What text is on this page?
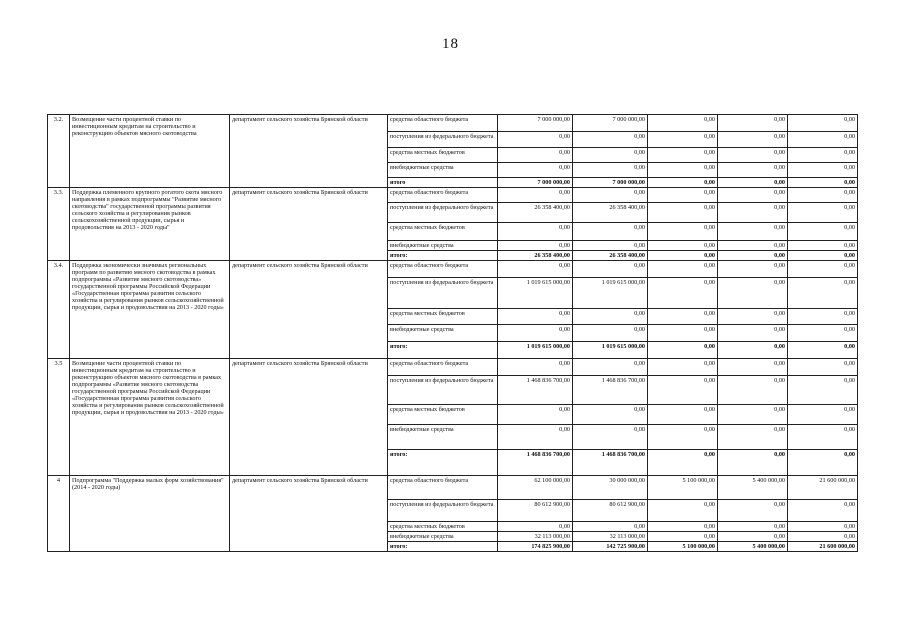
18
3.2.	Возмещение части процентной ставки по инвестиционным кредитам на строительство и реконструкцию объектов мясного скотоводства	департамент сельского хозяйства Брянской области	средства областного бюджета	7 000 000,00	7 000 000,00	0,00	0,00	0,00
			поступления из федерального бюджета	0,00	0,00	0,00	0,00	0,00
			средства местных бюджетов	0,00	0,00	0,00	0,00	0,00
			внебюджетные средства	0,00	0,00	0,00	0,00	0,00
			итого	7 000 000,00	7 000 000,00	0,00	0,00	0,00
3.3.	Поддержка племенного крупного рогатого скота мясного направления в рамках подпрограммы "Развитие мясного скотоводства" государственной программы развития сельского хозяйства и регулирования рынков сельскохозяйственной продукции, сырья и продовольствия на 2013 - 2020 годы"	департамент сельского хозяйства Брянской области	средства областного бюджета	0,00	0,00	0,00	0,00	0,00
			поступления из федерального бюджета	26 358 400,00	26 358 400,00	0,00	0,00	0,00
			средства местных бюджетов	0,00	0,00	0,00	0,00	0,00
			внебюджетные средства	0,00	0,00	0,00	0,00	0,00
			итого:	26 358 400,00	26 358 400,00	0,00	0,00	0,00
3.4.	Поддержка экономически значимых региональных программ по развитию мясного скотоводства в рамках подпрограммы «Развитие мясного скотоводства» государственной программы Российской Федерации «Государственная программа развития сельского хозяйства и регулирования рынков сельскохозяйственной продукции, сырья и продовольствия на 2013 - 2020 годы»	департамент сельского хозяйства Брянской области	средства областного бюджета	0,00	0,00	0,00	0,00	0,00
			поступления из федерального бюджета	1 019 615 000,00	1 019 615 000,00	0,00	0,00	0,00
			средства местных бюджетов	0,00	0,00	0,00	0,00	0,00
			внебюджетные средства	0,00	0,00	0,00	0,00	0,00
			итого:	1 019 615 000,00	1 019 615 000,00	0,00	0,00	0,00
3.5	Возмещение части процентной ставки по инвестиционным кредитам на строительство и реконструкцию объектов мясного скотоводства в рамках подпрограммы «Развитие мясного скотоводства государственной программы Российской Федерации «Государственная программа развития сельского хозяйства и регулирования рынков сельскохозяйственной продукции, сырья и продовольствия на 2013 - 2020 годы»	департамент сельского хозяйства Брянской области	средства областного бюджета	0,00	0,00	0,00	0,00	0,00
			поступления из федерального бюджета	1 468 836 700,00	1 468 836 700,00	0,00	0,00	0,00
			средства местных бюджетов	0,00	0,00	0,00	0,00	0,00
			внебюджетные средства	0,00	0,00	0,00	0,00	0,00
			итого:	1 468 836 700,00	1 468 836 700,00	0,00	0,00	0,00
4	Подпрограмма "Поддержка малых форм хозяйствования" (2014 - 2020 годы)	департамент сельского хозяйства Брянской области	средства областного бюджета	62 100 000,00	30 000 000,00	5 100 000,00	5 400 000,00	21 600 000,00
			поступления из федерального бюджета	80 612 900,00	80 612 900,00	0,00	0,00	0,00
			средства местных бюджетов	0,00	0,00	0,00	0,00	0,00
			внебюджетные средства	32 113 000,00	32 113 000,00	0,00	0,00	0,00
			итого:	174 825 900,00	142 725 900,00	5 100 000,00	5 400 000,00	21 600 000,00
